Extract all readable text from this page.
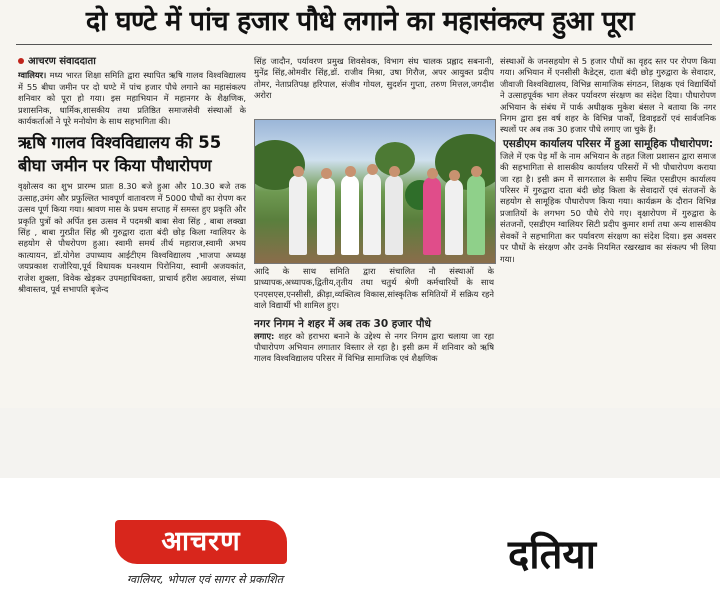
दो घण्टे में पांच हजार पौधे लगाने का महासंकल्प हुआ पूरा
आचरण संवाददाता
ग्वालियर। मध्य भारत शिक्षा समिति द्वारा स्थापित ऋषि गालव विश्वविद्यालय में 55 बीघा जमीन पर दो घण्टे में पांच हजार पौधे लगाने का महासंकल्प शनिवार को पूरा हो गया। इस महाभियान में महानगर के शैक्षणिक, प्रशासनिक, धार्मिक,शासकीय तथा प्रतिष्ठित समाजसेवी संस्थाओं के कार्यकर्ताओं ने पूरे मनोयोग के साथ सहभागिता की।
ऋषि गालव विश्वविद्यालय की 55 बीघा जमीन पर किया पौधारोपण
वृक्षोत्सव का शुभ प्रारम्भ प्रातः 8.30 बजे हुआ और 10.30 बजे तक उत्साह,उमंग और प्रफुल्लित भावपूर्ण वातावरण में 5000 पौधों का रोपण कर उत्सव पूर्ण किया गया। श्रावण मास के प्रथम सप्ताह में समस्त हुए प्रकृति और प्रकृति पुत्रों को अर्पित इस उत्सव में पदमश्री बाबा सेवा सिंह , बाबा लक्खा सिंह , बाबा गुरप्रीत सिंह श्री गुरुद्वारा दाता बंदी छोड़ किला ग्वालियर के सहयोग से पौधरोपण हुआ। स्वामी समर्थ तीर्थ महाराज,स्वामी अभय कात्यायन, डॉ.योगेश उपाध्याय आईटीएम विश्वविद्यालय ,भाजपा अध्यक्ष जयप्रकाश राजोरिया,पूर्व विधायक घनश्याम पिरोनिया, स्वामी अजयकांत, राजेश शुक्ला, विवेक खेड़कर उपमहाधिवक्ता, प्राचार्य हरीश अग्रवाल, संध्या श्रीवास्तव, पूर्व सभापति बृजेन्द
सिंह जादौन, पर्यावरण प्रमुख शिवसेवक, विभाग संघ चालक प्रह्लाद सबनानी, मुनेंद्र सिंह,ओमवीर सिंह,डॉ. राजीव मिश्रा, उषा गिरौज, अपर आयुक्त प्रदीप तोमर, नेताप्रतिपक्ष हरिपाल, संजीव गोयल, सुदर्शन गुप्ता, तरुण मित्तल,जगदीश अरोरा
आदि के साथ समिति द्वारा संचालित नौ संस्थाओं के प्राध्यापक,अध्यापक,द्वितीय,तृतीय तथा चतुर्थ श्रेणी कर्मचारियों के साथ एनएसएस,एनसीसी, क्रीड़ा,व्यक्तित्व विकास,सांस्कृतिक समितियों में सक्रिय रहने वाले विद्यार्थी भी शामिल हुए।
नगर निगम ने शहर में अब तक 30 हजार पौधे
लगाए: शहर को हराभरा बनाने के उद्देश्य से नगर निगम द्वारा चलाया जा रहा पौधारोपण अभियान लगातार विस्तार ले रहा है। इसी क्रम में शनिवार को ऋषि गालव विश्वविद्यालय परिसर में विभिन्न सामाजिक एवं शैक्षणिक
संस्थाओं के जनसहयोग से 5 हजार पौधों का वृहद स्तर पर रोपण किया गया। अभियान में एनसीसी कैडेट्स, दाता बंदी छोड़ गुरुद्वारा के सेवादार, जीवाजी विश्वविद्यालय, विभिन्न सामाजिक संगठन, शिक्षक एवं विद्यार्थियों ने उत्साहपूर्वक भाग लेकर पर्यावरण संरक्षण का संदेश दिया। पौधारोपण अभियान के संबंध में पार्क अधीक्षक मुकेश बंसल ने बताया कि नगर निगम द्वारा इस वर्ष शहर के विभिन्न पार्कों, डिवाइडरों एवं सार्वजनिक स्थलों पर अब तक 30 हजार पौधे लगाए जा चुके हैं।
एसडीएम कार्यालय परिसर में हुआ सामूहिक पौधारोपण:
जिले में एक पेड़ माँ के नाम अभियान के तहत जिला प्रशासन द्वारा समाज की सहभागिता से शासकीय कार्यालय परिसरों में भी पौधारोपण कराया जा रहा है। इसी क्रम में सागरताल के समीप स्थित एसडीएम कार्यालय परिसर में गुरुद्वारा दाता बंदी छोड़ किला के सेवादारों एवं संतजनों के सहयोग से सामूहिक पौधारोपण किया गया। कार्यक्रम के दौरान विभिन्न प्रजातियों के लगभग 50 पौधे रोपे गए। वृक्षारोपण में गुरुद्वारा के संतजनों, एसडीएम ग्वालियर सिटी प्रदीप कुमार शर्मा तथा अन्य शासकीय सेवकों ने सहभागिता कर पर्यावरण संरक्षण का संदेश दिया। इस अवसर पर पौधों के संरक्षण और उनके नियमित रखरखाव का संकल्प भी लिया गया।
आचरण
ग्वालियर, भोपाल एवं सागर से प्रकाशित
दतिया
